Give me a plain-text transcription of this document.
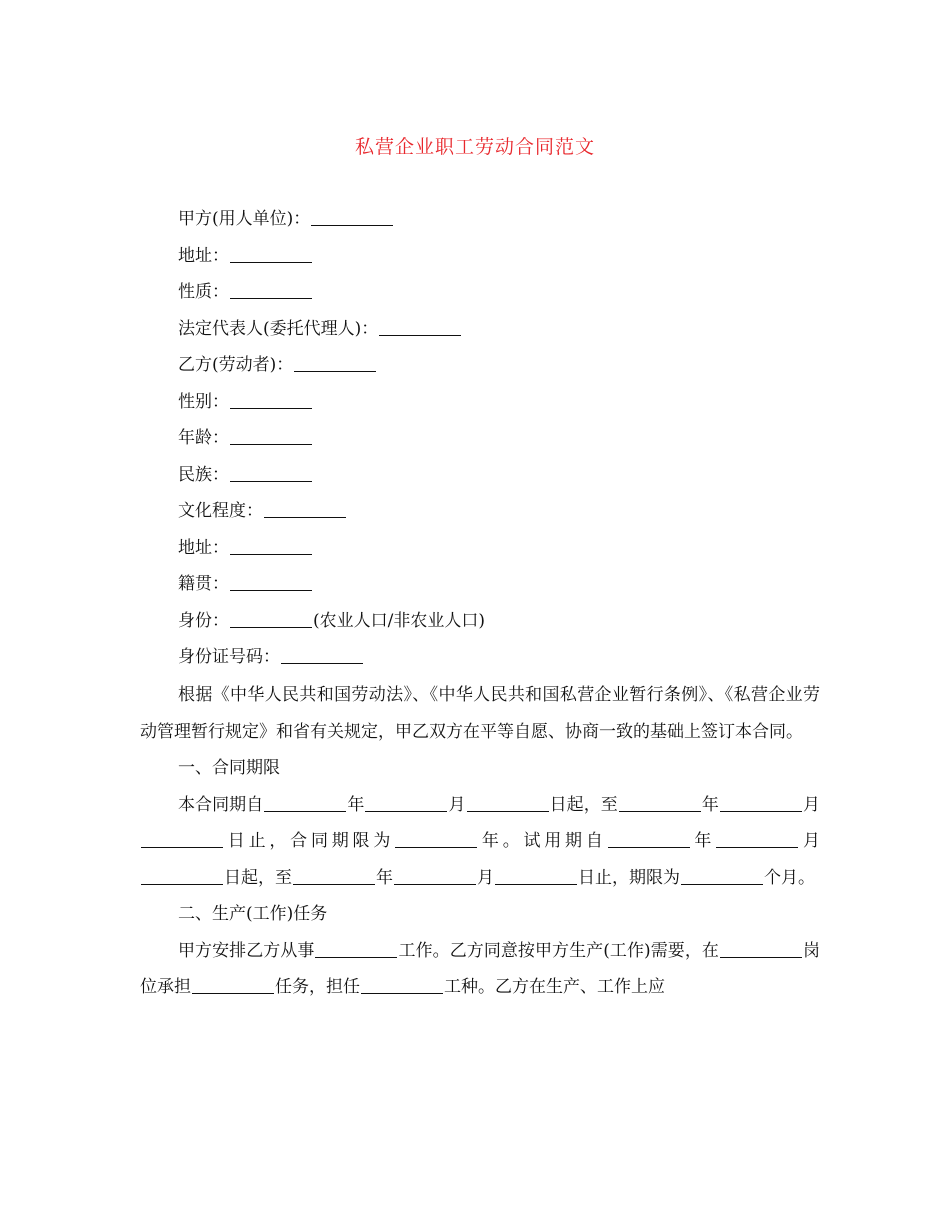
私营企业职工劳动合同范文
甲方(用人单位)：
地址：
性质：
法定代表人(委托代理人)：
乙方(劳动者)：
性别：
年龄：
民族：
文化程度：
地址：
籍贯：
身份：	(农业人口/非农业人口)
身份证号码：

根据《中华人民共和国劳动法》、《中华人民共和国私营企业暂行条例》、《私营企业劳动管理暂行规定》和省有关规定，甲乙双方在平等自愿、协商一致的基础上签订本合同。

一、合同期限

本合同期自	年	月	日起，至	年	月日止，合同期限为	年。试用期自	年	月日起，至	年	月	日止，期限为	个月。

二、生产(工作)任务

甲方安排乙方从事	工作。乙方同意按甲方生产(工作)需要，在	岗位承担	任务，担任	工种。乙方在生产、工作上应
